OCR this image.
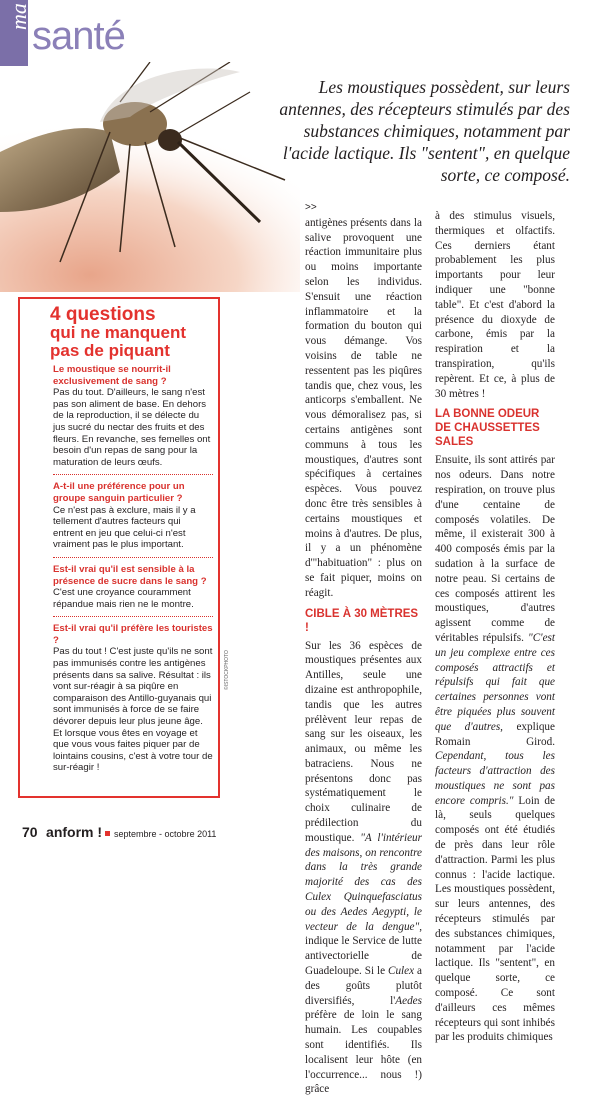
ma santé
Les moustiques possèdent, sur leurs antennes, des récepteurs stimulés par des substances chimiques, notamment par l'acide lactique. Ils "sentent", en quelque sorte, ce composé.
4 questions
qui ne manquent pas de piquant

Le moustique se nourrit-il exclusivement de sang ?

Pas du tout. D'ailleurs, le sang n'est pas son aliment de base. En dehors de la reproduction, il se délecte du jus sucré du nectar des fruits et des fleurs. En revanche, ses femelles ont besoin d'un repas de sang pour la maturation de leurs œufs.

A-t-il une préférence pour un groupe sanguin particulier ?

Ce n'est pas à exclure, mais il y a tellement d'autres facteurs qui entrent en jeu que celui-ci n'est vraiment pas le plus important.

Est-il vrai qu'il est sensible à la présence de sucre dans le sang ?

C'est une croyance couramment répandue mais rien ne le montre.

Est-il vrai qu'il préfère les touristes ?

Pas du tout ! C'est juste qu'ils ne sont pas immunisés contre les antigènes présents dans sa salive. Résultat : ils vont sur-réagir à sa piqûre en comparaison des Antillo-guyanais qui sont immunisés à force de se faire dévorer depuis leur plus jeune âge. Et lorsque vous êtes en voyage et que vous vous faites piquer par de lointains cousins, c'est à votre tour de sur-réagir !

©ISTOCKPHOTO

>>

antigènes présents dans la salive provoquent une réaction immunitaire plus ou moins importante selon les individus. S'ensuit une réaction inflammatoire et la formation du bouton qui vous démange. Vos voisins de table ne ressentent pas les piqûres tandis que, chez vous, les anticorps s'emballent. Ne vous démoralisez pas, si certains antigènes sont communs à tous les moustiques, d'autres sont spécifiques à certaines espèces. Vous pouvez donc être très sensibles à certains moustiques et moins à d'autres. De plus, il y a un phénomène d'"habituation" : plus on se fait piquer, moins on réagit.

CIBLE À 30 MÈTRES !

Sur les 36 espèces de moustiques présentes aux Antilles, seule une dizaine est anthropophile, tandis que les autres prélèvent leur repas de sang sur les oiseaux, les animaux, ou même les batraciens. Nous ne présentons donc pas systématiquement le choix culinaire de prédilection du moustique. "A l'intérieur des maisons, on rencontre dans la très grande majorité des cas des Culex Quinquefasciatus ou des Aedes Aegypti, le vecteur de la dengue", indique le Service de lutte antivectorielle de Guadeloupe. Si le Culex a des goûts plutôt diversifiés, l'Aedes préfère de loin le sang humain. Les coupables sont identifiés. Ils localisent leur hôte (en l'occurrence... nous !) grâce

à des stimulus visuels, thermiques et olfactifs. Ces derniers étant probablement les plus importants pour leur indiquer une "bonne table". Et c'est d'abord la présence du dioxyde de carbone, émis par la respiration et la transpiration, qu'ils repèrent. Et ce, à plus de 30 mètres !

LA BONNE ODEUR DE CHAUSSETTES SALES

Ensuite, ils sont attirés par nos odeurs. Dans notre respiration, on trouve plus d'une centaine de composés volatiles. De même, il existerait 300 à 400 composés émis par la sudation à la surface de notre peau. Si certains de ces composés attirent les moustiques, d'autres agissent comme de véritables répulsifs. "C'est un jeu complexe entre ces composés attractifs et répulsifs qui fait que certaines personnes vont être piquées plus souvent que d'autres, explique Romain Girod. Cependant, tous les facteurs d'attraction des moustiques ne sont pas encore compris." Loin de là, seuls quelques composés ont été étudiés de près dans leur rôle d'attraction. Parmi les plus connus : l'acide lactique. Les moustiques possèdent, sur leurs antennes, des récepteurs stimulés par des substances chimiques, notamment par l'acide lactique. Ils "sentent", en quelque sorte, ce composé. Ce sont d'ailleurs ces mêmes récepteurs qui sont inhibés par les produits chimiques

70 anform ! septembre - octobre 2011
